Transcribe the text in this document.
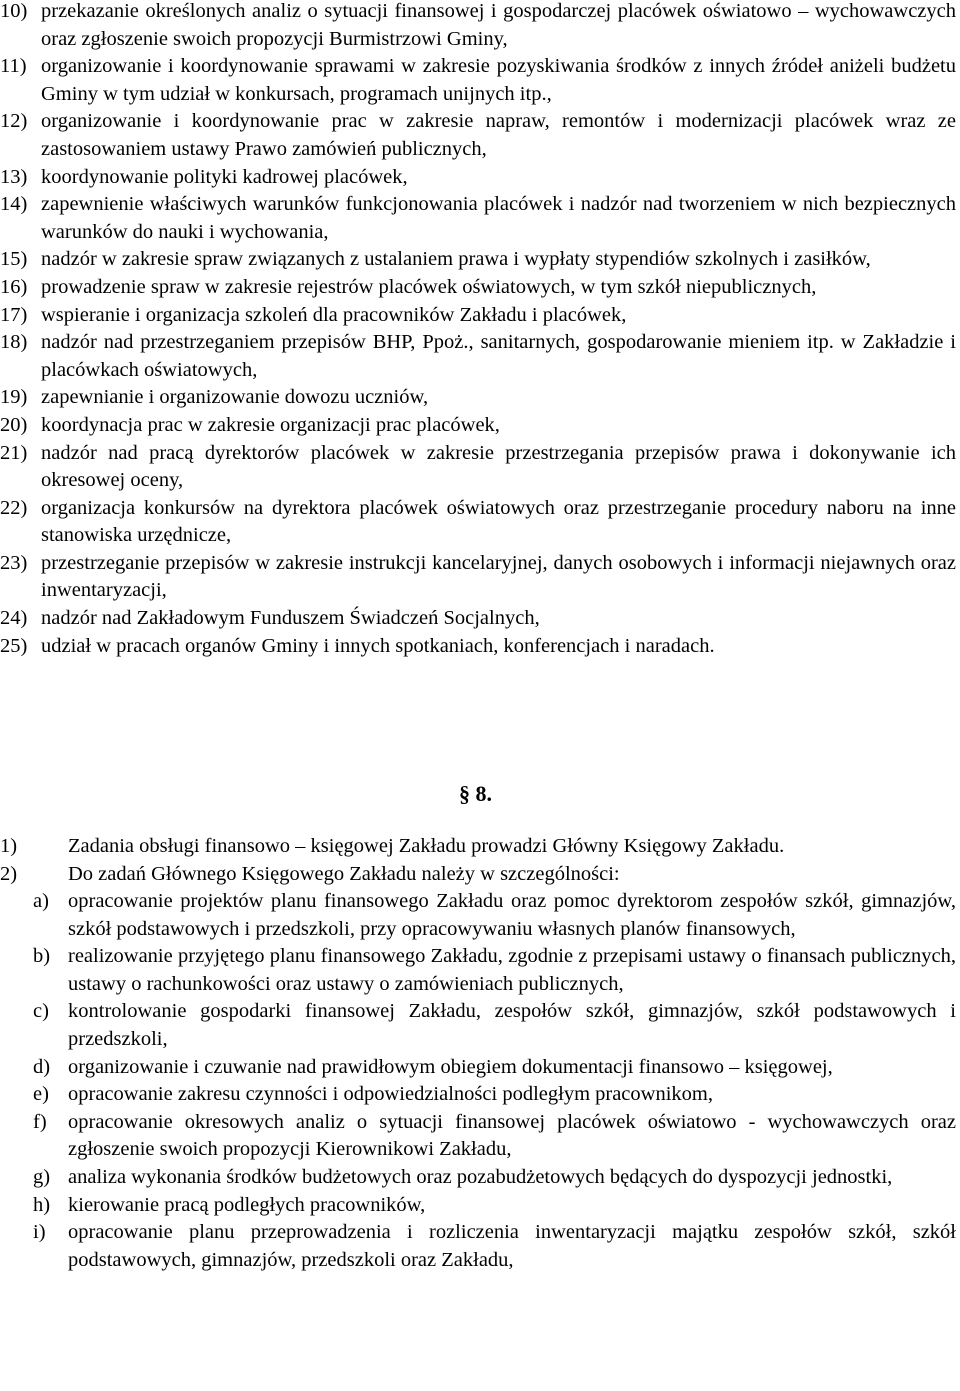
10) przekazanie określonych analiz o sytuacji finansowej i gospodarczej placówek oświatowo – wychowawczych oraz zgłoszenie swoich propozycji Burmistrzowi Gminy,
11) organizowanie i koordynowanie sprawami w zakresie pozyskiwania środków z innych źródeł aniżeli budżetu Gminy w tym udział w konkursach, programach unijnych itp.,
12) organizowanie i koordynowanie prac w zakresie napraw, remontów i modernizacji placówek wraz ze zastosowaniem ustawy Prawo zamówień publicznych,
13) koordynowanie polityki kadrowej placówek,
14) zapewnienie właściwych warunków funkcjonowania placówek i nadzór nad tworzeniem w nich bezpiecznych warunków do nauki i wychowania,
15) nadzór w zakresie spraw związanych z ustalaniem prawa i wypłaty stypendiów szkolnych i zasiłków,
16) prowadzenie spraw w zakresie rejestrów placówek oświatowych, w tym szkół niepublicznych,
17) wspieranie i organizacja szkoleń dla pracowników Zakładu i placówek,
18) nadzór nad przestrzeganiem przepisów BHP, Ppoż., sanitarnych, gospodarowanie mieniem itp. w Zakładzie i placówkach oświatowych,
19) zapewnianie i organizowanie dowozu uczniów,
20) koordynacja prac w zakresie organizacji prac placówek,
21) nadzór nad pracą dyrektorów placówek w zakresie przestrzegania przepisów prawa i dokonywanie ich okresowej oceny,
22) organizacja konkursów na dyrektora placówek oświatowych oraz przestrzeganie procedury naboru na inne stanowiska urzędnicze,
23) przestrzeganie przepisów w zakresie instrukcji kancelaryjnej, danych osobowych i informacji niejawnych oraz inwentaryzacji,
24) nadzór nad Zakładowym Funduszem Świadczeń Socjalnych,
25) udział w pracach organów Gminy i innych spotkaniach, konferencjach i naradach.
§ 8.
1)	Zadania obsługi finansowo – księgowej Zakładu prowadzi Główny Księgowy Zakładu.
2)	Do zadań Głównego Księgowego Zakładu należy w szczególności:
a) opracowanie projektów planu finansowego Zakładu oraz pomoc dyrektorom zespołów szkół, gimnazjów, szkół podstawowych i przedszkoli, przy opracowywaniu własnych planów finansowych,
b) realizowanie przyjętego planu finansowego Zakładu, zgodnie z przepisami ustawy o finansach publicznych, ustawy o rachunkowości oraz ustawy o zamówieniach publicznych,
c) kontrolowanie gospodarki finansowej Zakładu, zespołów szkół, gimnazjów, szkół podstawowych i przedszkoli,
d) organizowanie i czuwanie nad prawidłowym obiegiem dokumentacji finansowo – księgowej,
e) opracowanie zakresu czynności i odpowiedzialności podległym pracownikom,
f)	opracowanie okresowych analiz o sytuacji finansowej placówek oświatowo - wychowawczych oraz zgłoszenie swoich propozycji Kierownikowi Zakładu,
g) analiza wykonania środków budżetowych oraz pozabudżetowych będących do dyspozycji jednostki,
h) kierowanie pracą podległych pracowników,
i)	opracowanie planu przeprowadzenia i rozliczenia inwentaryzacji majątku zespołów szkół, szkół podstawowych, gimnazjów, przedszkoli oraz Zakładu,
